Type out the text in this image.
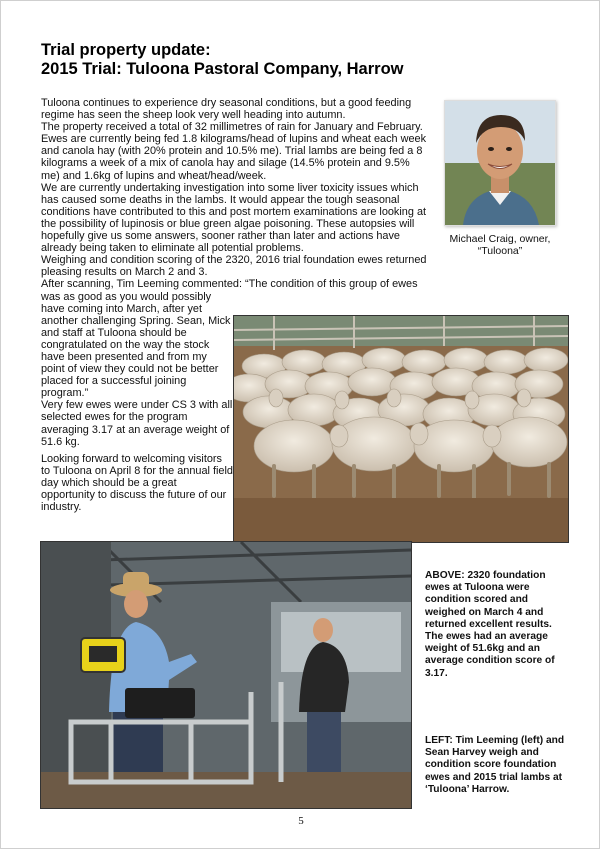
Trial property update:
2015 Trial: Tuloona Pastoral Company, Harrow

Tuloona continues to experience dry seasonal conditions, but a good feeding regime has seen the sheep look very well heading into autumn.

The property received a total of 32 millimetres of rain for January and February.

Ewes are currently being fed 1.8 kilograms/head of lupins and wheat each week and canola hay (with 20% protein and 10.5% me). Trial lambs are being fed a 8 kilograms a week of a mix of canola hay and silage (14.5% protein and 9.5% me) and 1.6kg of lupins and wheat/head/week.

We are currently undertaking investigation into some liver toxicity issues which has caused some deaths in the lambs. It would appear the tough seasonal conditions have contributed to this and post mortem examinations are looking at the possibility of lupinosis or blue green algae poisoning. These autopsies will hopefully give us some answers, sooner rather than later and actions have already being taken to eliminate all potential problems.

Weighing and condition scoring of the 2320, 2016 trial foundation ewes returned pleasing results on March 2 and 3.

After scanning, Tim Leeming commented: “The condition of this group of ewes

was as good as you would possibly have coming into March, after yet another challenging Spring. Sean, Mick and staff at Tuloona should be congratulated on the way the stock have been presented and from my point of view they could not be better placed for a successful joining program.”

Very few ewes were under CS 3 with all selected ewes for the program averaging 3.17 at an average weight of 51.6 kg.

Looking forward to welcoming visitors to Tuloona on April 8 for the annual field day which should be a great opportunity to discuss the future of our industry.

Michael Craig, owner,
“Tuloona”
ABOVE: 2320 foundation ewes at Tuloona were condition scored and weighed on March 4 and returned excellent results. The ewes had an average weight of 51.6kg and an average condition score of 3.17.
LEFT: Tim Leeming (left) and Sean Harvey weigh and condition score foundation ewes and 2015 trial lambs at ‘Tuloona’ Harrow.
5
